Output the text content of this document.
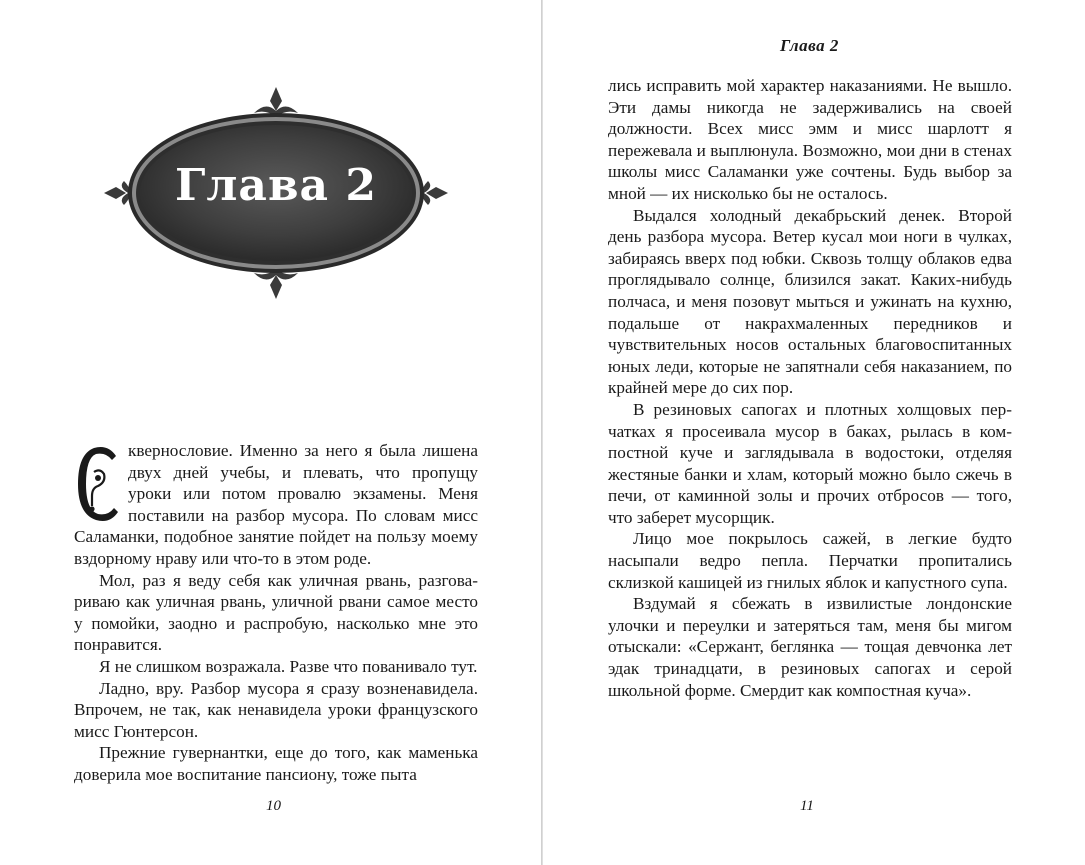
Глава 2

квернословие. Именно за него я была лишена двух дней учебы, и плевать, что пропущу уроки или потом провалю экзамены. Меня поставили на разбор мусора. По словам мисс Саламанки, подобное занятие пойдет на пользу моему вздорному нраву или что-то в этом роде.

Мол, раз я веду себя как уличная рвань, разговариваю как уличная рвань, уличной рвани самое место у помойки, заодно и распробую, насколько мне это понравится.

Я не слишком возражала. Разве что пованивало тут.

Ладно, вру. Разбор мусора я сразу возненавидела. Впрочем, не так, как ненавидела уроки французского мисс Гюнтерсон.

Прежние гувернантки, еще до того, как маменька доверила мое воспитание пансиону, тоже пыта

10
Глава 2

лись исправить мой характер наказаниями. Не вышло. Эти дамы никогда не задерживались на своей должности. Всех мисс эмм и мисс шарлотт я пережевала и выплюнула. Возможно, мои дни в стенах школы мисс Саламанки уже сочтены. Будь выбор за мной — их нисколько бы не осталось.

Выдался холодный декабрьский денек. Второй день разбора мусора. Ветер кусал мои ноги в чулках, забираясь вверх под юбки. Сквозь толщу облаков едва проглядывало солнце, близился закат. Каких-нибудь полчаса, и меня позовут мыться и ужинать на кухню, подальше от накрахмаленных передников и чувствительных носов остальных благовоспитанных юных леди, которые не запятнали себя наказанием, по крайней мере до сих пор.

В резиновых сапогах и плотных холщовых перчатках я просеивала мусор в баках, рылась в компостной куче и заглядывала в водостоки, отделяя жестяные банки и хлам, который можно было сжечь в печи, от каминной золы и прочих отбросов — того, что заберет мусорщик.

Лицо мое покрылось сажей, в легкие будто насыпали ведро пепла. Перчатки пропитались склизкой кашицей из гнилых яблок и капустного супа.

Вздумай я сбежать в извилистые лондонские улочки и переулки и затеряться там, меня бы мигом отыскали: «Сержант, беглянка — тощая девчонка лет эдак тринадцати, в резиновых сапогах и серой школьной форме. Смердит как компостная куча».

11
